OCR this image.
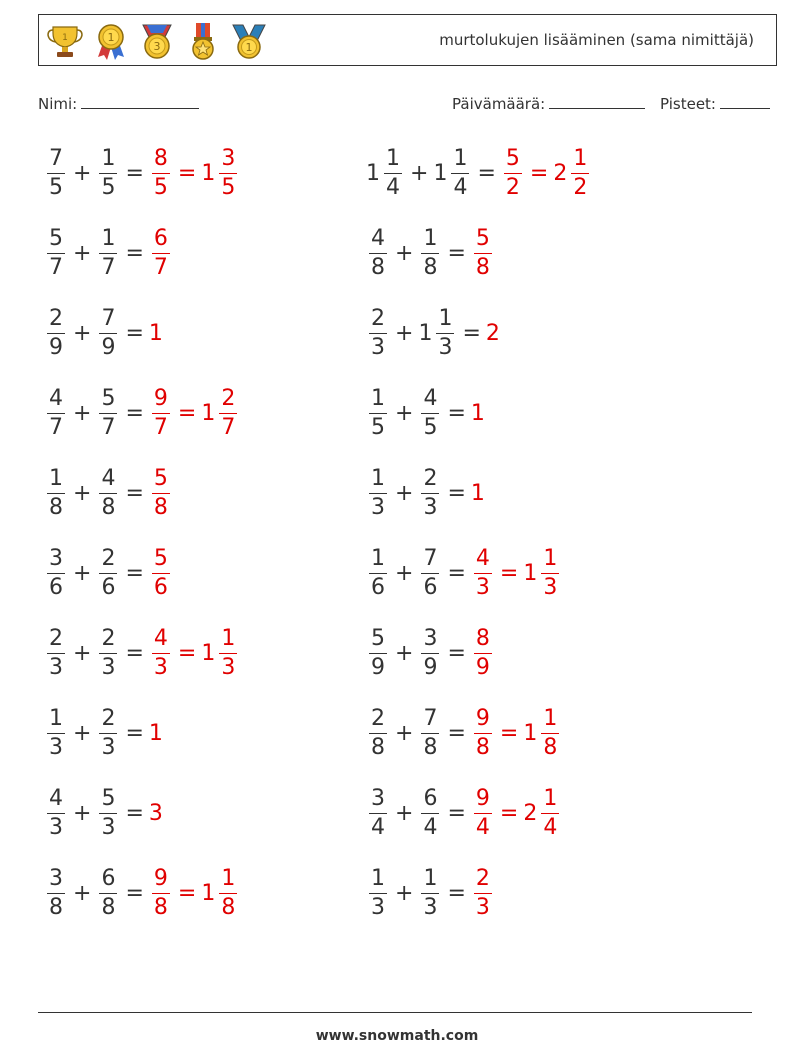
1	1
3	1	murtolukujen lisääminen (sama nimittäjä)
Nimi:	Päivämäärä:	Pisteet:
$\frac{7}{5} + \frac{1}{5} = \frac{8}{5} = 1 \frac{3}{5}$	$1 \frac{1}{4} + 1 \frac{1}{4} = \frac{5}{2} = 2 \frac{1}{2}$
$\frac{5}{7} + \frac{1}{7} = \frac{6}{7}$	$\frac{4}{8} + \frac{1}{8} = \frac{5}{8}$
$\frac{2}{9} + \frac{7}{9} = 1$	$\frac{2}{3} + 1 \frac{1}{3} = 2$
$\frac{4}{7} + \frac{5}{7} = \frac{9}{7} = 1 \frac{2}{7}$	$\frac{1}{5} + \frac{4}{5} = 1$
$\frac{1}{8} + \frac{4}{8} = \frac{5}{8}$	$\frac{1}{3} + \frac{2}{3} = 1$
$\frac{3}{6} + \frac{2}{6} = \frac{5}{6}$	$\frac{1}{6} + \frac{7}{6} = \frac{4}{3} = 1 \frac{1}{3}$
$\frac{2}{3} + \frac{2}{3} = \frac{4}{3} = 1 \frac{1}{3}$	$\frac{5}{9} + \frac{3}{9} = \frac{8}{9}$
$\frac{1}{3} + \frac{2}{3} = 1$	$\frac{2}{8} + \frac{7}{8} = \frac{9}{8} = 1 \frac{1}{8}$
$\frac{4}{3} + \frac{5}{3} = 3$	$\frac{3}{4} + \frac{6}{4} = \frac{9}{4} = 2 \frac{1}{4}$
$\frac{3}{8} + \frac{6}{8} = \frac{9}{8} = 1 \frac{1}{8}$	$\frac{1}{3} + \frac{1}{3} = \frac{2}{3}$
www.snowmath.com
